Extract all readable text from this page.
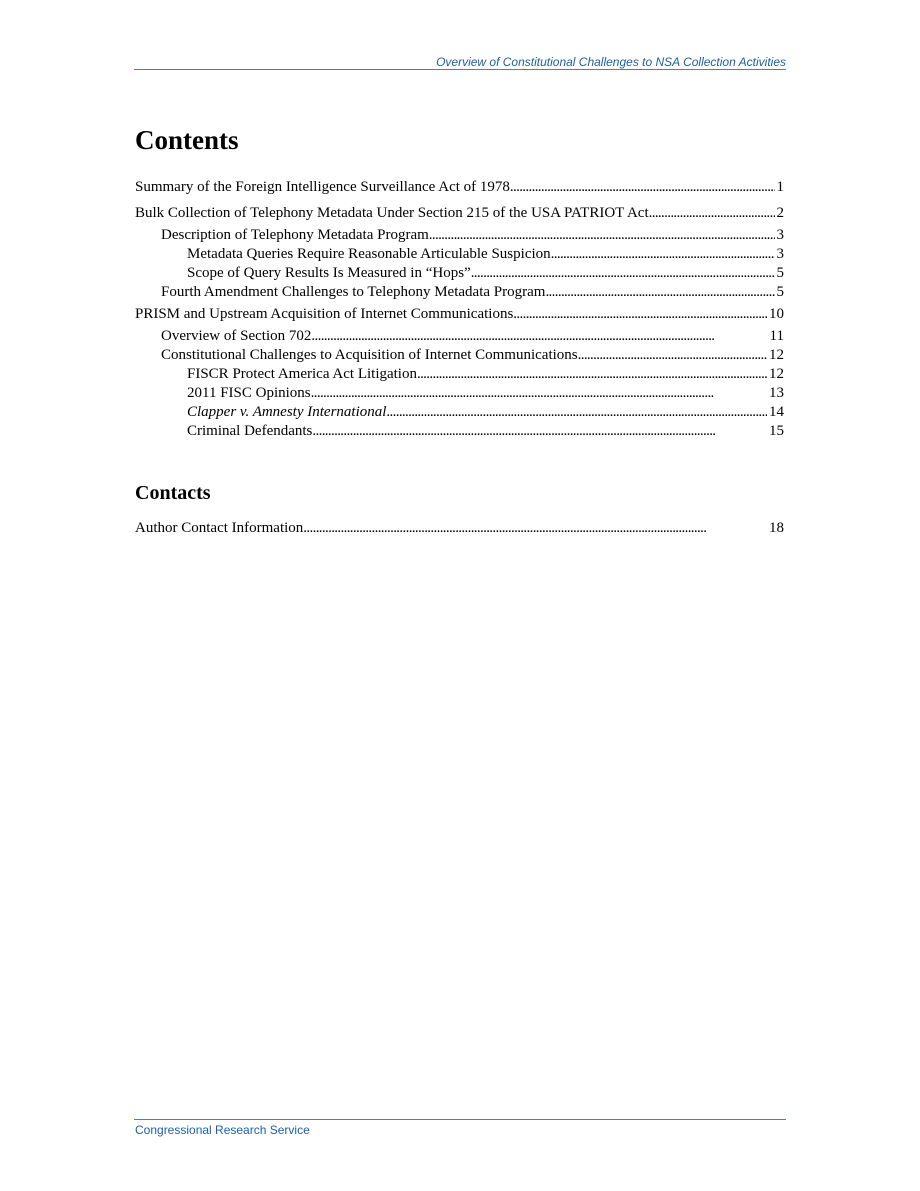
Overview of Constitutional Challenges to NSA Collection Activities
Contents
Summary of the Foreign Intelligence Surveillance Act of 1978 . . .	1
Bulk Collection of Telephony Metadata Under Section 215 of the USA PATRIOT Act . . .	2
Description of Telephony Metadata Program . . .	3
Metadata Queries Require Reasonable Articulable Suspicion . . .	3
Scope of Query Results Is Measured in “Hops” . . .	5
Fourth Amendment Challenges to Telephony Metadata Program . . .	5
PRISM and Upstream Acquisition of Internet Communications . . .	10
Overview of Section 702 . . .	11
Constitutional Challenges to Acquisition of Internet Communications . . .	12
FISCR Protect America Act Litigation . . .	12
2011 FISC Opinions . . .	13
Clapper v. Amnesty International . . .	14
Criminal Defendants . . .	15
Contacts
Author Contact Information . . .	18
Congressional Research Service
